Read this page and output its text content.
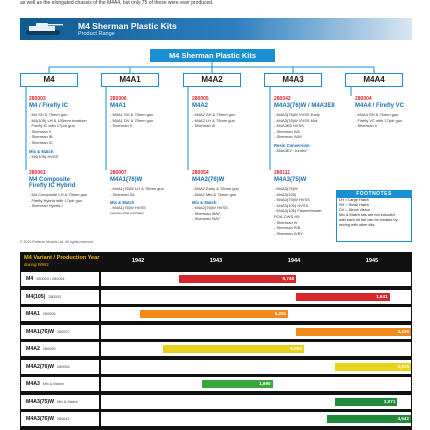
as well as the elongated chassis of the M4A4, but only 75 of these were ever produced.
M4 Sherman Plastic Kits
Product Range
M4 Sherman Plastic Kits
M4	M4A1	M4A2	M4A3	M4A4
280003
M4 / Firefly IC
- M4 SH & 75mm gun
- M4(105) LH & 105mm howitzer
- Firefly IC with 17pdr gun
- Sherman II
- Sherman IB
- Sherman IC
Mix & Match
- M4(105) HVSS
280061
M4 Composite
Firefly IC Hybrid
- M4 Composite LH & 75mm gun
- Firefly Hybrid with 17pdr gun
- Sherman Hybrid I
280006
M4A1
- M4A1 SH & 75mm gun
- M4A1 DV & 75mm gun
- Sherman II
280007
M4A1(76)W
- M4A1(76)W LH & 76mm gun
- Sherman IIA
Mix & Match
- M4A1(76)W HVSS
(requires other purchase)
280005
M4A2
- M4A2 SH & 75mm gun
- M4A2 LH & 75mm gun
- Sherman III
280054
M4A2(76)W
- M4A2 Early & 76mm gun
- M4A2 Mid & 76mm gun
Mix & Match
- M4A2(76)W HVSS
- Sherman IIIAY
- Sherman IIIAY
280042
M4A3(76)W / M4A3E8
- M4A3(76)W VVSS Early
- M4A3(76)W VVSS Mid
- M4A3E8 HVSS
- Sherman IVA
- Sherman IVAY
Resin Conversion
- M4A3E2 "Jumbo"
280111
M4A3(75)W
- M4A3(75)W
- M4A3(105)
- M4A3(75)W HVSS
- M4A3(105) HVSS
- M4A3(105) Flamethrower
POA-CWS-H5
- Sherman IV
- Sherman IVB
- Sherman IVBY
280004
M4A4 / Firefly VC
- M4A4 SH & 75mm gun
- Firefly VC with 17pdr gun
- Sherman V
FOOTNOTES
LH = Large Hatch
SH = Small Hatch
DV = Direct Vision
Mix & Match kits are not included
with each kit but can be created by
mixing with other kits.
© 2019 Rubicon Models Ltd. All rights reserved.
M4 Variant / Production Year
during WW2
1942	1943	1944	1945
M4 280003 / 280061	6,748
M4(105) 280003	1,641
M4A1 280006	6,281
M4A1(76)W 280007	3,426
M4A2 280005	8,053
M4A2(76)W 280054	2,915
M4A3 Mix & Match	1,690
M4A3(75)W Mix & Match	3,071
M4A3(76)W 280042	4,542
